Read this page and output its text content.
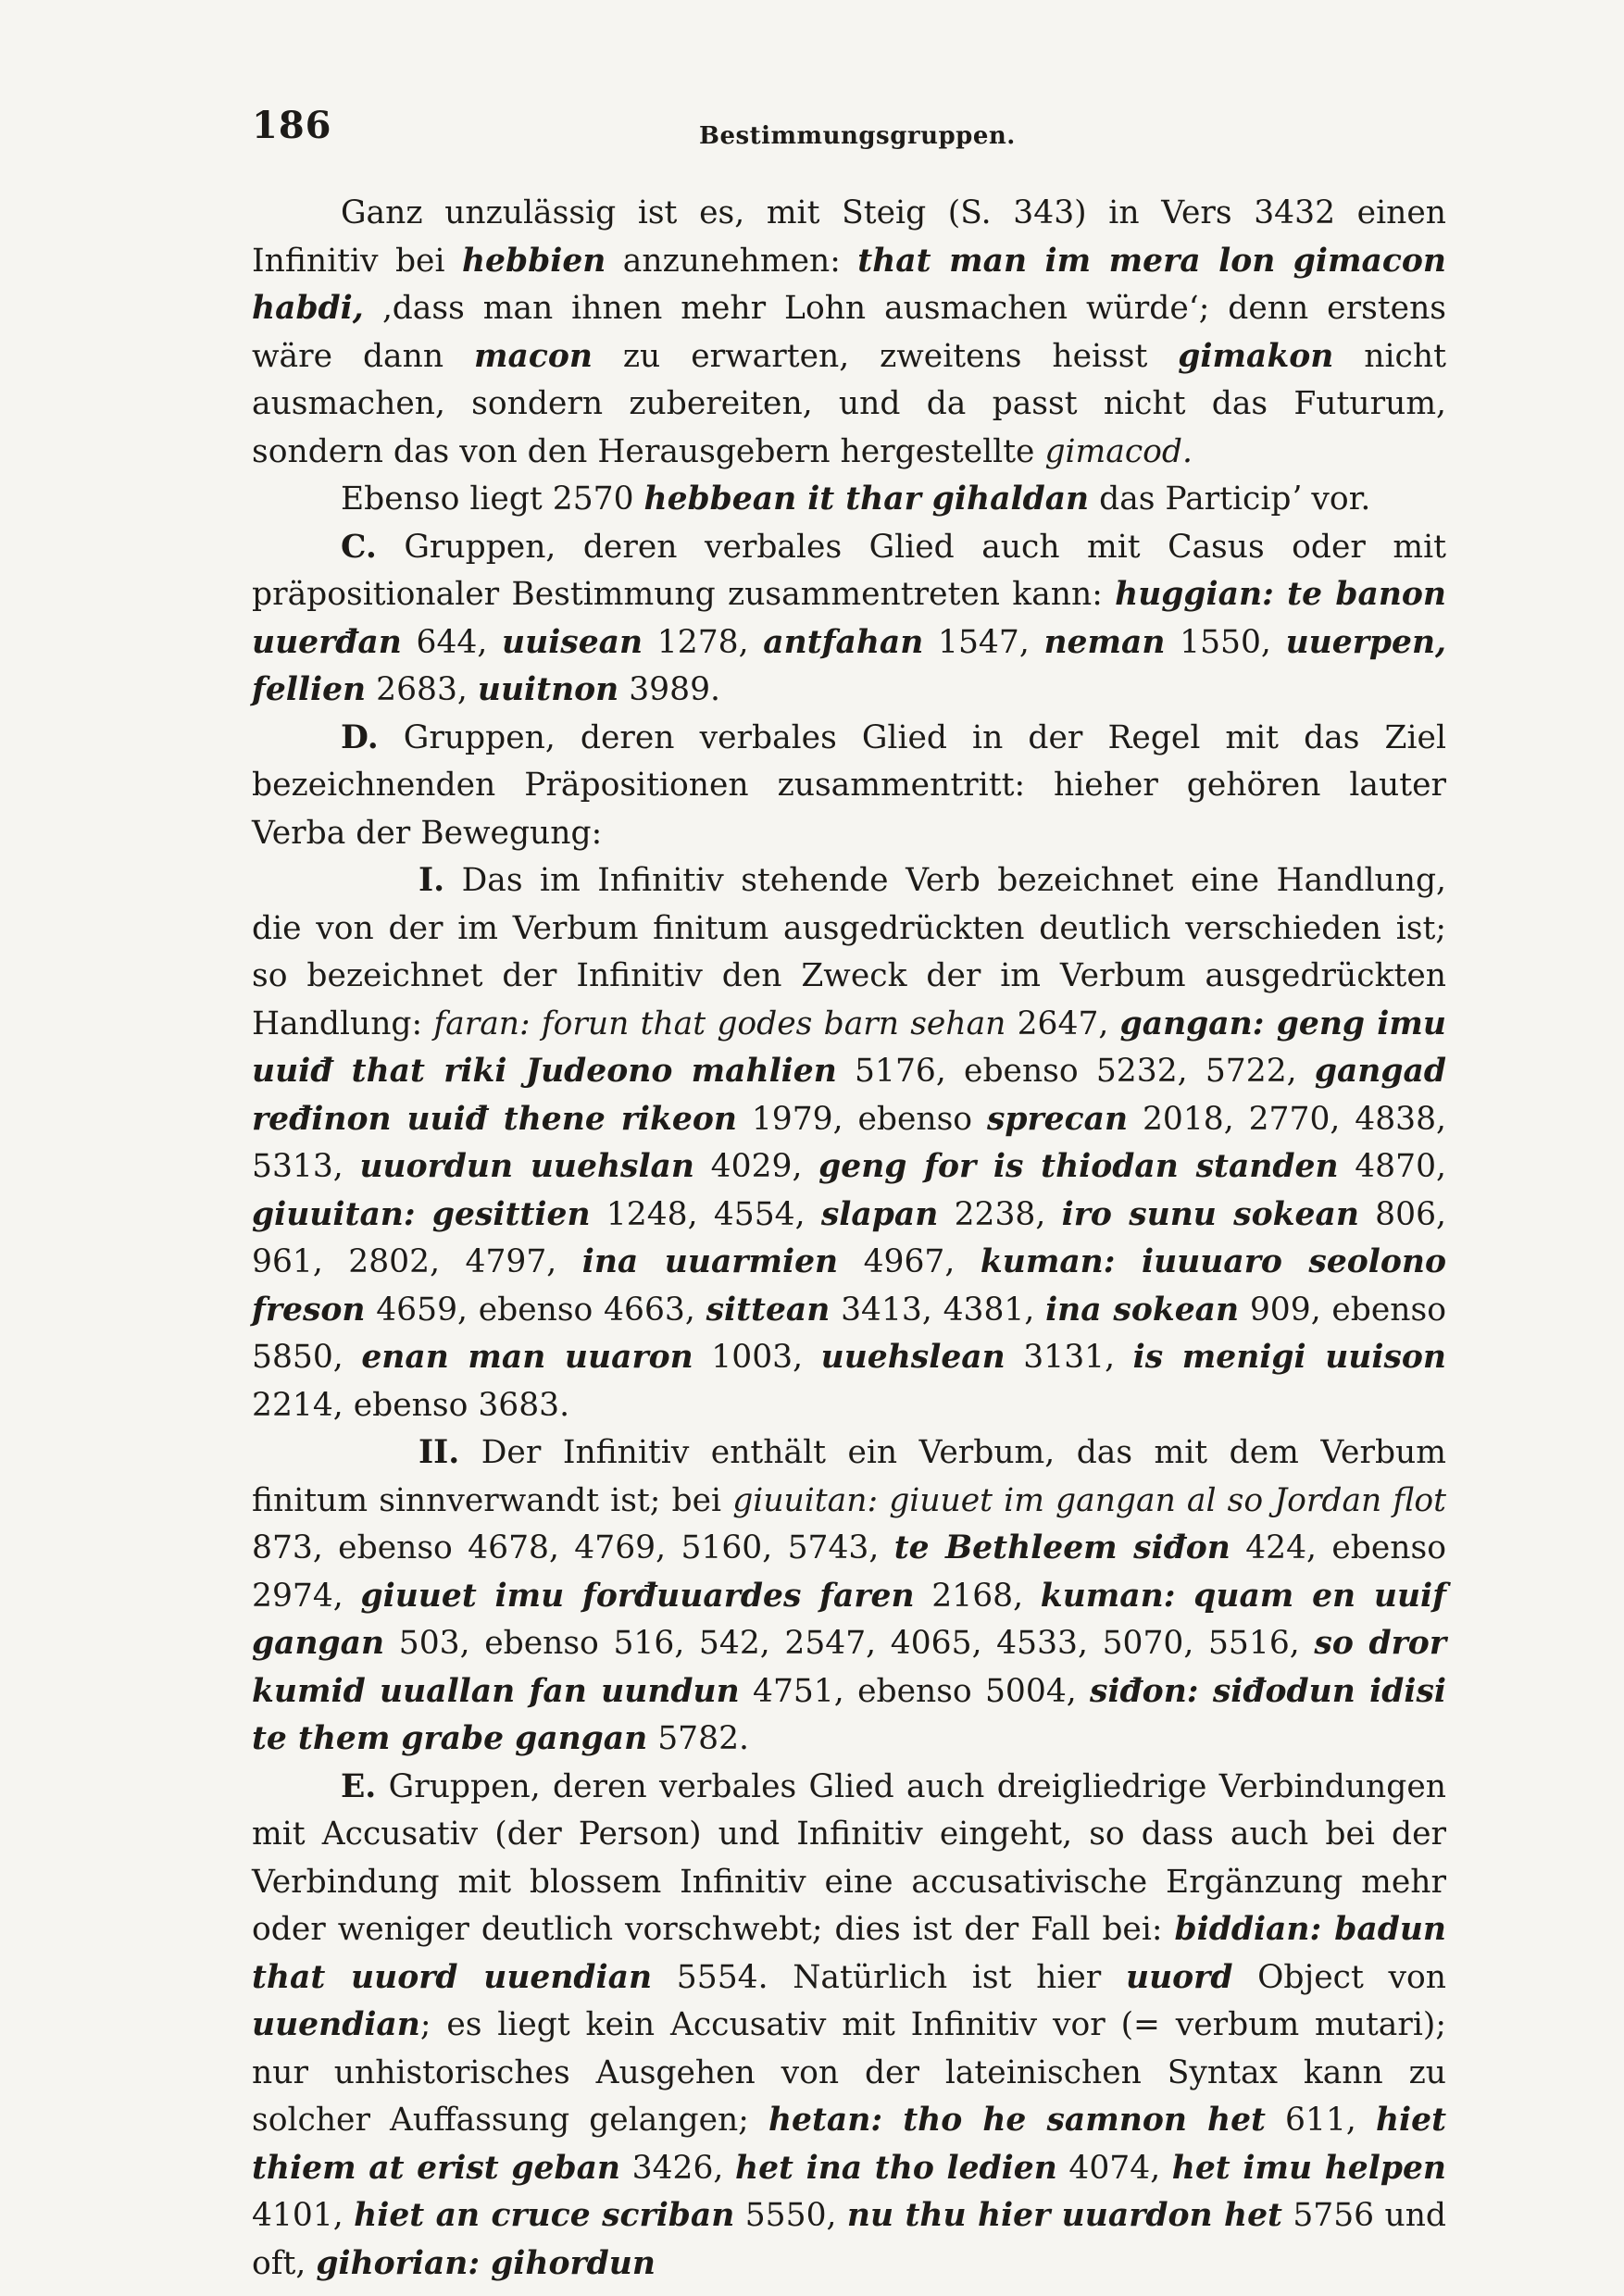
186	Bestimmungsgruppen.

Ganz unzulässig ist es, mit Steig (S. 343) in Vers 3432 einen Infinitiv bei hebbien anzunehmen: that man im mera lon gimacon habdi, ‚dass man ihnen mehr Lohn ausmachen würde‘; denn erstens wäre dann macon zu erwarten, zweitens heisst gimakon nicht ausmachen, sondern zubereiten, und da passt nicht das Futurum, sondern das von den Herausgebern hergestellte gimacod.

Ebenso liegt 2570 hebbean it thar gihaldan das Participʼ vor.

C. Gruppen, deren verbales Glied auch mit Casus oder mit präpositionaler Bestimmung zusammentreten kann: huggian: te banon uuerđan 644, uuisean 1278, antfahan 1547, neman 1550, uuerpen, fellien 2683, uuitnon 3989.

D. Gruppen, deren verbales Glied in der Regel mit das Ziel bezeichnenden Präpositionen zusammentritt: hieher gehören lauter Verba der Bewegung:

I. Das im Infinitiv stehende Verb bezeichnet eine Handlung, die von der im Verbum finitum ausgedrückten deutlich verschieden ist; so bezeichnet der Infinitiv den Zweck der im Verbum ausgedrückten Handlung: faran: forun that godes barn sehan 2647, gangan: geng imu uuiđ that riki Judeono mahlien 5176, ebenso 5232, 5722, gangad rеđinon uuiđ thene rikeon 1979, ebenso sprecan 2018, 2770, 4838, 5313, uuordun uuehslan 4029, geng for is thiodan standen 4870, giuuitan: gesittien 1248, 4554, slapan 2238, iro sunu sokean 806, 961, 2802, 4797, ina uuarmien 4967, kuman: iuuuaro seolono freson 4659, ebenso 4663, sittean 3413, 4381, ina sokean 909, ebenso 5850, enan man uuaron 1003, uuehslean 3131, is menigi uuison 2214, ebenso 3683.

II. Der Infinitiv enthält ein Verbum, das mit dem Verbum finitum sinnverwandt ist; bei giuuitan: giuuet im gangan al so Jordan flot 873, ebenso 4678, 4769, 5160, 5743, te Bethleem siđon 424, ebenso 2974, giuuet imu forđuuardes faren 2168, kuman: quam en uuif gangan 503, ebenso 516, 542, 2547, 4065, 4533, 5070, 5516, so dror kumid uuallan fan uundun 4751, ebenso 5004, siđon: siđodun idisi te them grabe gangan 5782.

E. Gruppen, deren verbales Glied auch dreigliedrige Verbindungen mit Accusativ (der Person) und Infinitiv eingeht, so dass auch bei der Verbindung mit blossem Infinitiv eine accusativische Ergänzung mehr oder weniger deutlich vorschwebt; dies ist der Fall bei: biddian: badun that uuord uuendian 5554. Natürlich ist hier uuord Object von uuendian; es liegt kein Accusativ mit Infinitiv vor (= verbum mutari); nur unhistorisches Ausgehen von der lateinischen Syntax kann zu solcher Auffassung gelangen; hetan: tho he samnon het 611, hiet thiem at erist geban 3426, het ina tho ledien 4074, het imu helpen 4101, hiet an cruce scriban 5550, nu thu hier uuardon het 5756 und oft, gihorian: gihordun
